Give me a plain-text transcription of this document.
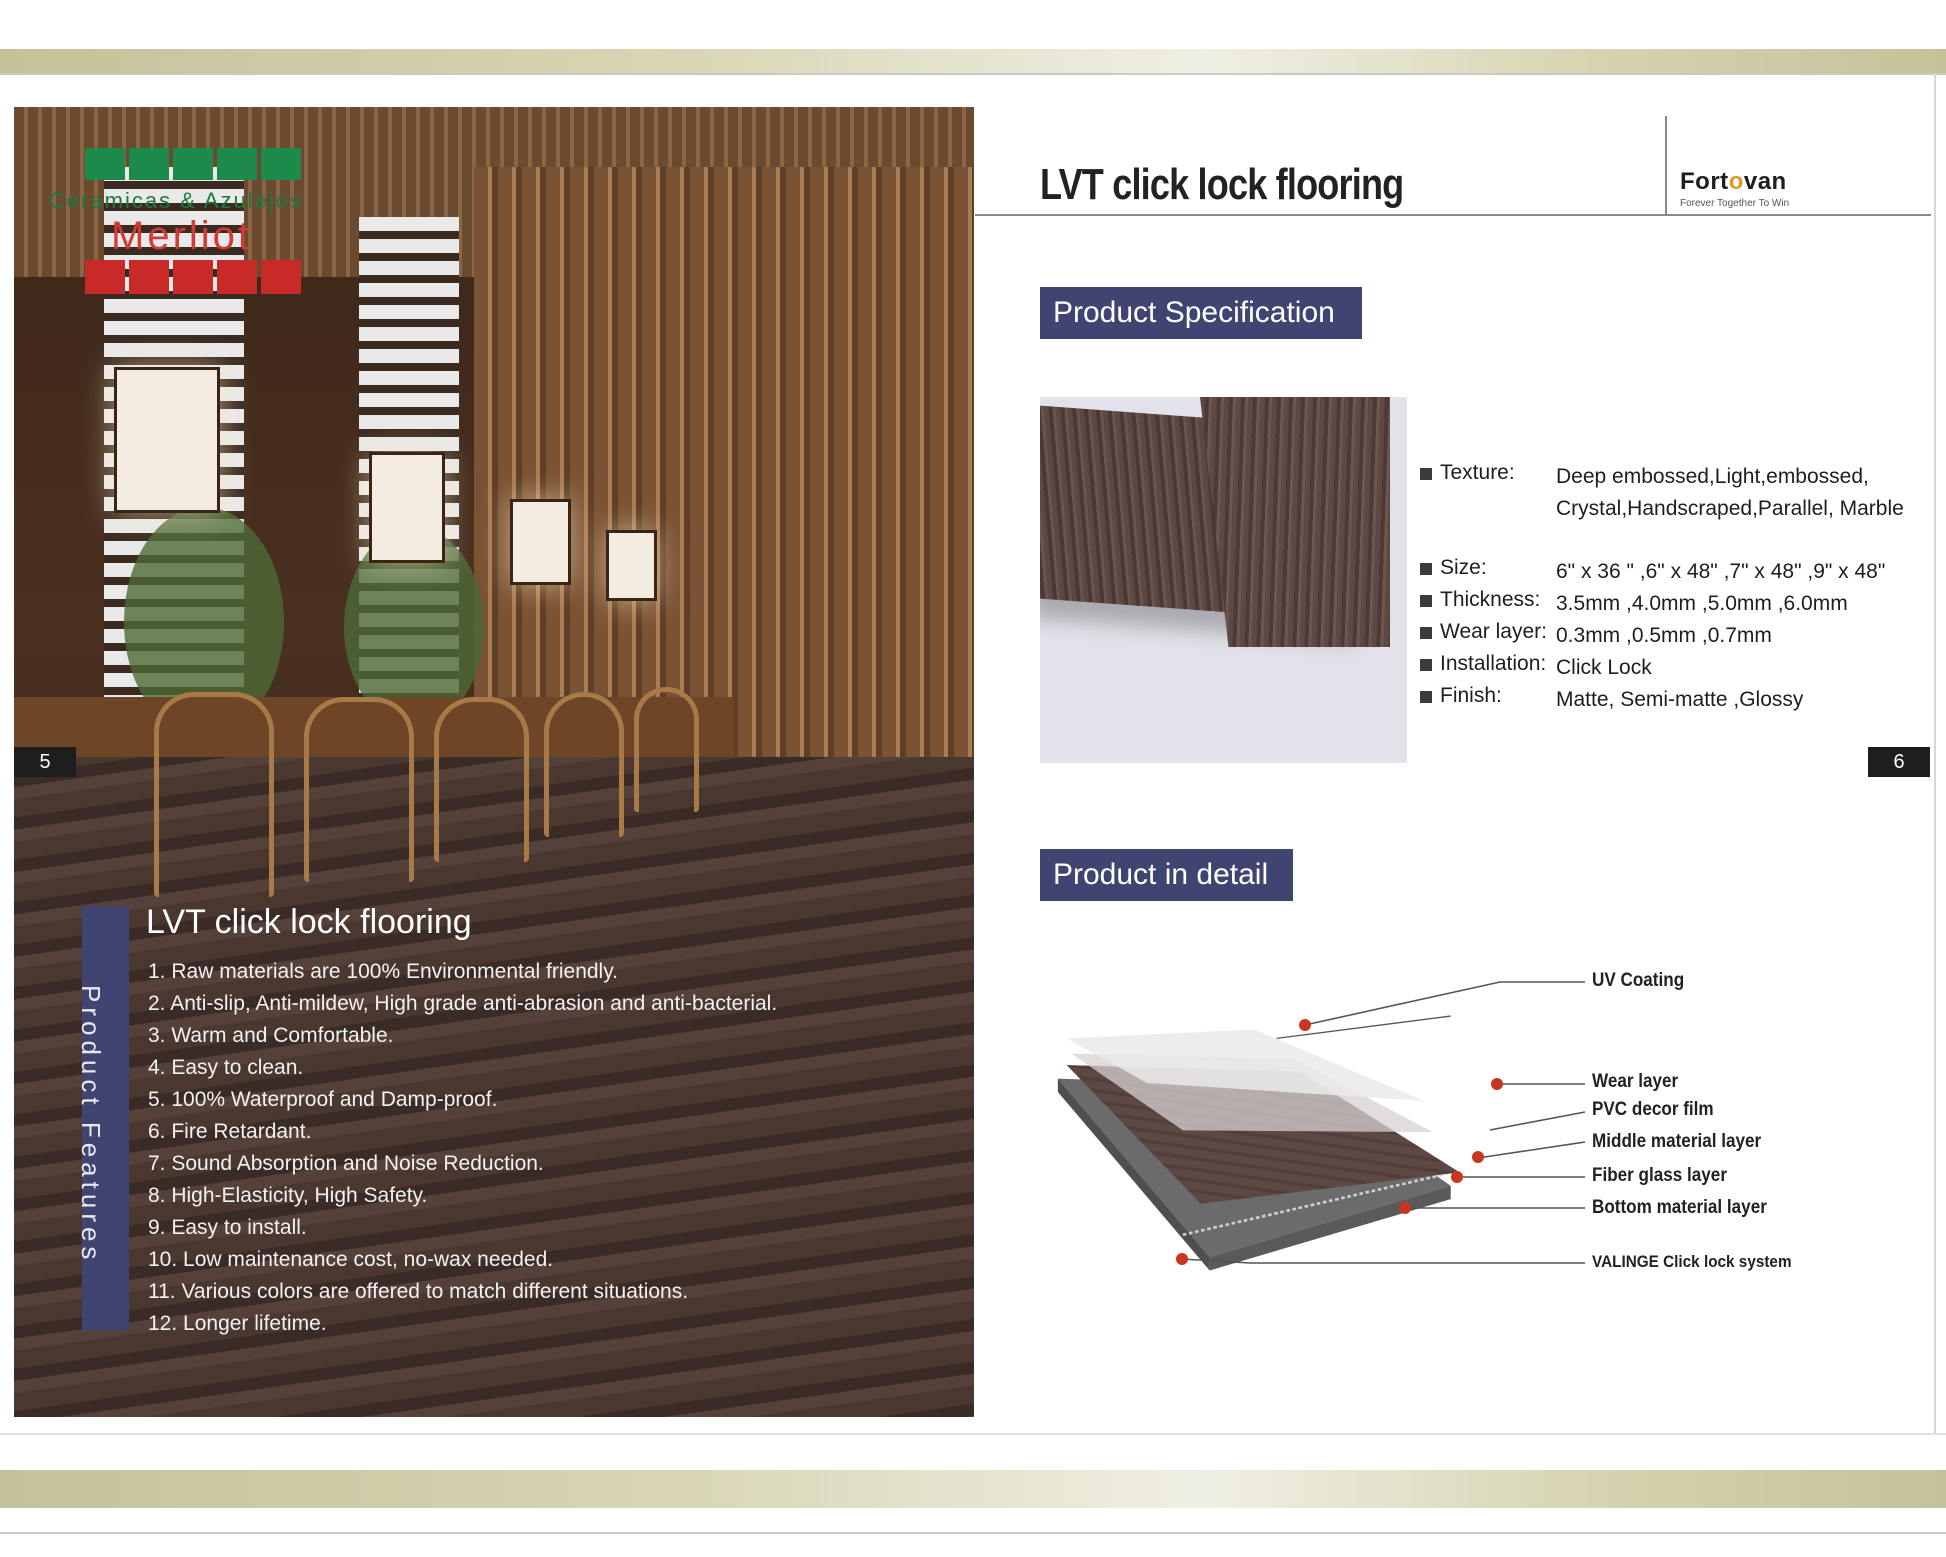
Ceramicas & Azulejos
Merliot
5
Product Features
LVT click lock flooring
1. Raw materials are 100% Environmental friendly.
2. Anti-slip, Anti-mildew, High grade anti-abrasion and anti-bacterial.
3. Warm and Comfortable.
4. Easy to clean.
5. 100% Waterproof and Damp-proof.
6. Fire Retardant.
7. Sound Absorption and Noise Reduction.
8. High-Elasticity, High Safety.
9. Easy to install.
10. Low maintenance cost, no-wax needed.
11. Various colors are offered to match different situations.
12. Longer lifetime.
LVT click lock flooring	Fortovan
Forever Together To Win
Product Specification
Texture: Deep embossed,Light,embossed, Crystal,Handscraped,Parallel, Marble
Size:	6" x 36 " ,6" x 48" ,7" x 48" ,9" x 48"
Thickness: 3.5mm ,4.0mm ,5.0mm ,6.0mm
Wear layer: 0.3mm ,0.5mm ,0.7mm
Installation: Click Lock
Finish:	Matte, Semi-matte ,Glossy
6
Product in detail
UV Coating
Wear layer
PVC decor film
Middle material layer
Fiber glass layer
Bottom material layer
VALINGE Click lock system
